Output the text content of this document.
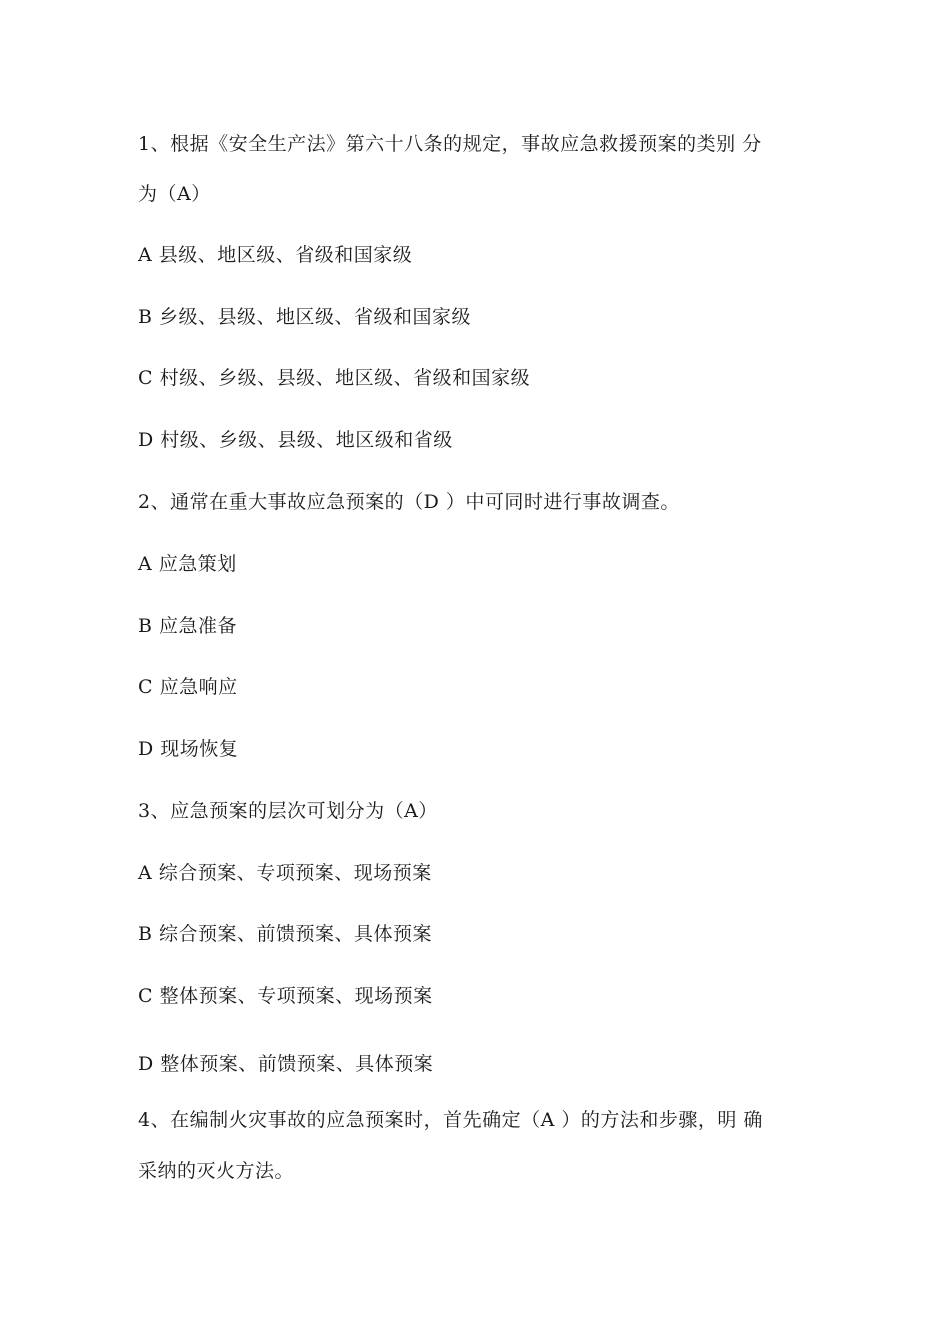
1、根据《安全生产法》第六十八条的规定，事故应急救援预案的类别 分
为（A）
A 县级、地区级、省级和国家级
B 乡级、县级、地区级、省级和国家级
C 村级、乡级、县级、地区级、省级和国家级
D 村级、乡级、县级、地区级和省级
2、通常在重大事故应急预案的（D ）中可同时进行事故调查。
A 应急策划
B 应急准备
C 应急响应
D 现场恢复
3、应急预案的层次可划分为（A）
A 综合预案、专项预案、现场预案
B 综合预案、前馈预案、具体预案
C 整体预案、专项预案、现场预案
D 整体预案、前馈预案、具体预案
4、在编制火灾事故的应急预案时，首先确定（A ）的方法和步骤，明 确
采纳的灭火方法。
